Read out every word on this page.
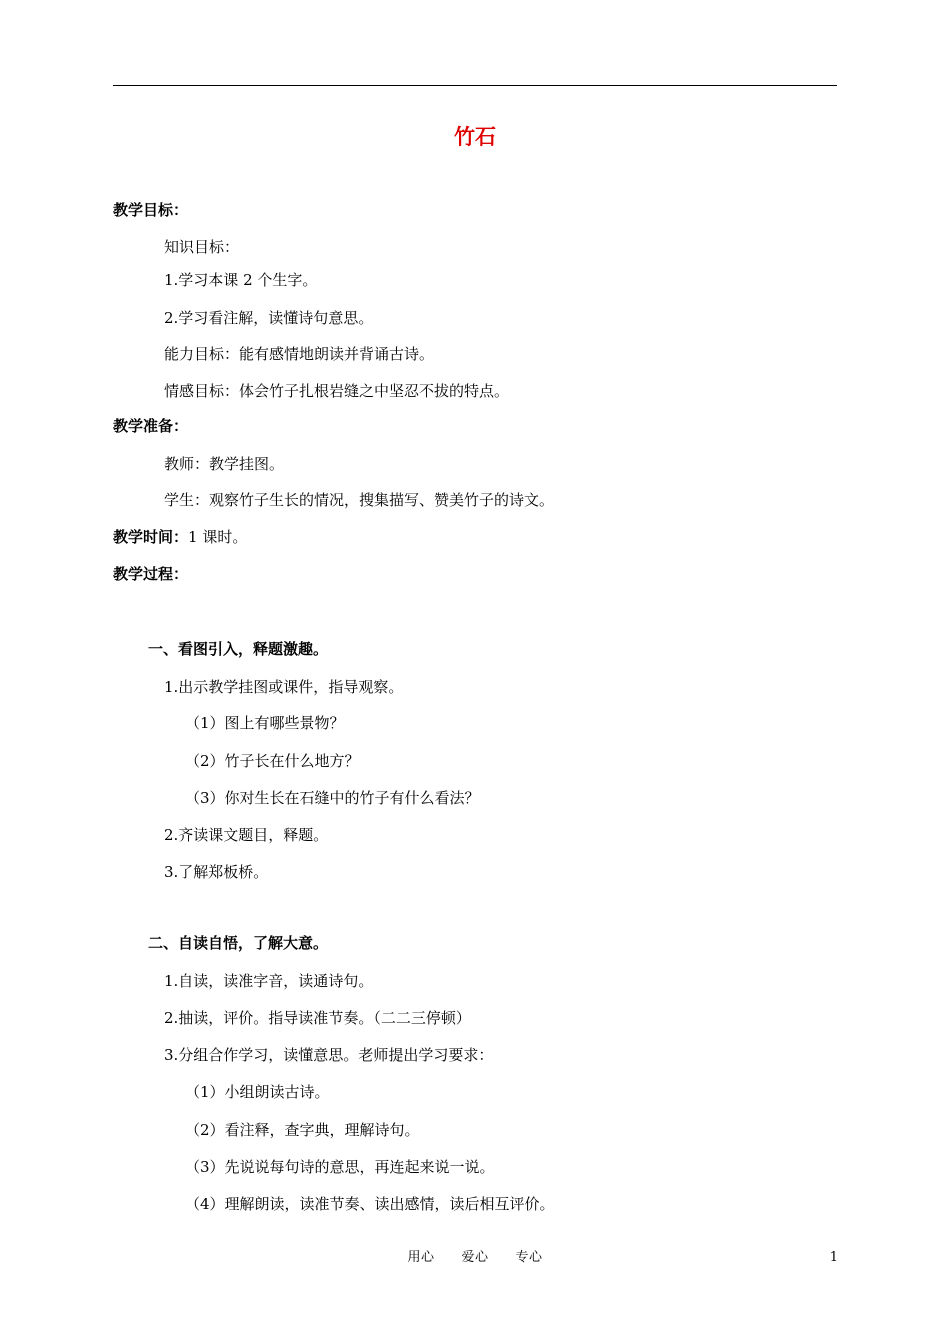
竹石
教学目标：
知识目标：
1.学习本课 2 个生字。
2.学习看注解，读懂诗句意思。
能力目标：能有感情地朗读并背诵古诗。
情感目标：体会竹子扎根岩缝之中坚忍不拔的特点。
教学准备：
教师：教学挂图。
学生：观察竹子生长的情况，搜集描写、赞美竹子的诗文。
教学时间：1 课时。
教学过程：
一、看图引入，释题激趣。
1.出示教学挂图或课件，指导观察。
（1）图上有哪些景物？
（2）竹子长在什么地方？
（3）你对生长在石缝中的竹子有什么看法？
2.齐读课文题目，释题。
3.了解郑板桥。
二、自读自悟，了解大意。
1.自读，读准字音，读通诗句。
2.抽读，评价。指导读准节奏。（二二三停顿）
3.分组合作学习，读懂意思。老师提出学习要求：
（1）小组朗读古诗。
（2）看注释，查字典，理解诗句。
（3）先说说每句诗的意思，再连起来说一说。
（4）理解朗读，读准节奏、读出感情，读后相互评价。
用心　　爱心　　专心	1
